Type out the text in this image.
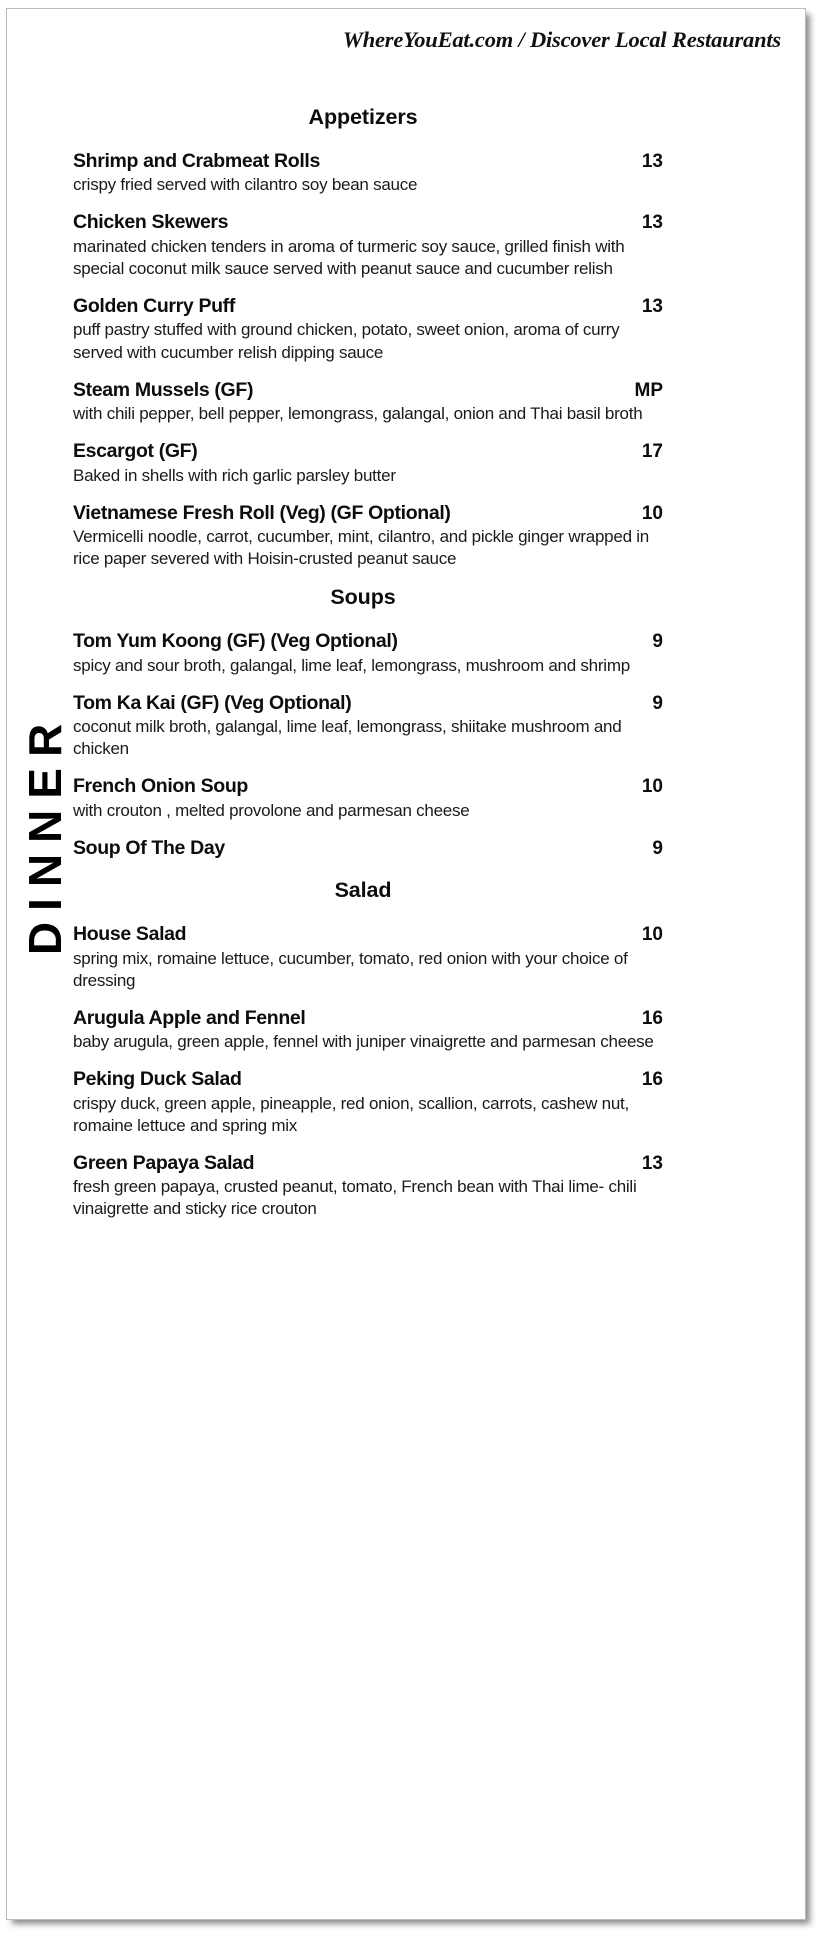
WhereYouEat.com / Discover Local Restaurants
DINNER
Appetizers
Shrimp and Crabmeat Rolls	13
crispy fried served with cilantro soy bean sauce
Chicken Skewers	13
marinated chicken tenders in aroma of turmeric soy sauce, grilled finish with special coconut milk sauce served with peanut sauce and cucumber relish
Golden Curry Puff	13
puff pastry stuffed with ground chicken, potato, sweet onion, aroma of curry served with cucumber relish dipping sauce
Steam Mussels (GF)	MP
with chili pepper, bell pepper, lemongrass, galangal, onion and Thai basil broth
Escargot (GF)	17
Baked in shells with rich garlic parsley butter
Vietnamese Fresh Roll (Veg) (GF Optional)	10
Vermicelli noodle, carrot, cucumber, mint, cilantro, and pickle ginger wrapped in rice paper severed with Hoisin-crusted peanut sauce
Soups
Tom Yum Koong (GF) (Veg Optional)	9
spicy and sour broth, galangal, lime leaf, lemongrass, mushroom and shrimp
Tom Ka Kai (GF) (Veg Optional)	9
coconut milk broth, galangal, lime leaf, lemongrass, shiitake mushroom and chicken
French Onion Soup	10
with crouton , melted provolone and parmesan cheese
Soup Of The Day	9
Salad
House Salad	10
spring mix, romaine lettuce, cucumber, tomato, red onion with your choice of dressing
Arugula Apple and Fennel	16
baby arugula, green apple, fennel with juniper vinaigrette and parmesan cheese
Peking Duck Salad	16
crispy duck, green apple, pineapple, red onion, scallion, carrots, cashew nut, romaine lettuce and spring mix
Green Papaya Salad	13
fresh green papaya, crusted peanut, tomato, French bean with Thai lime- chili vinaigrette and sticky rice crouton
